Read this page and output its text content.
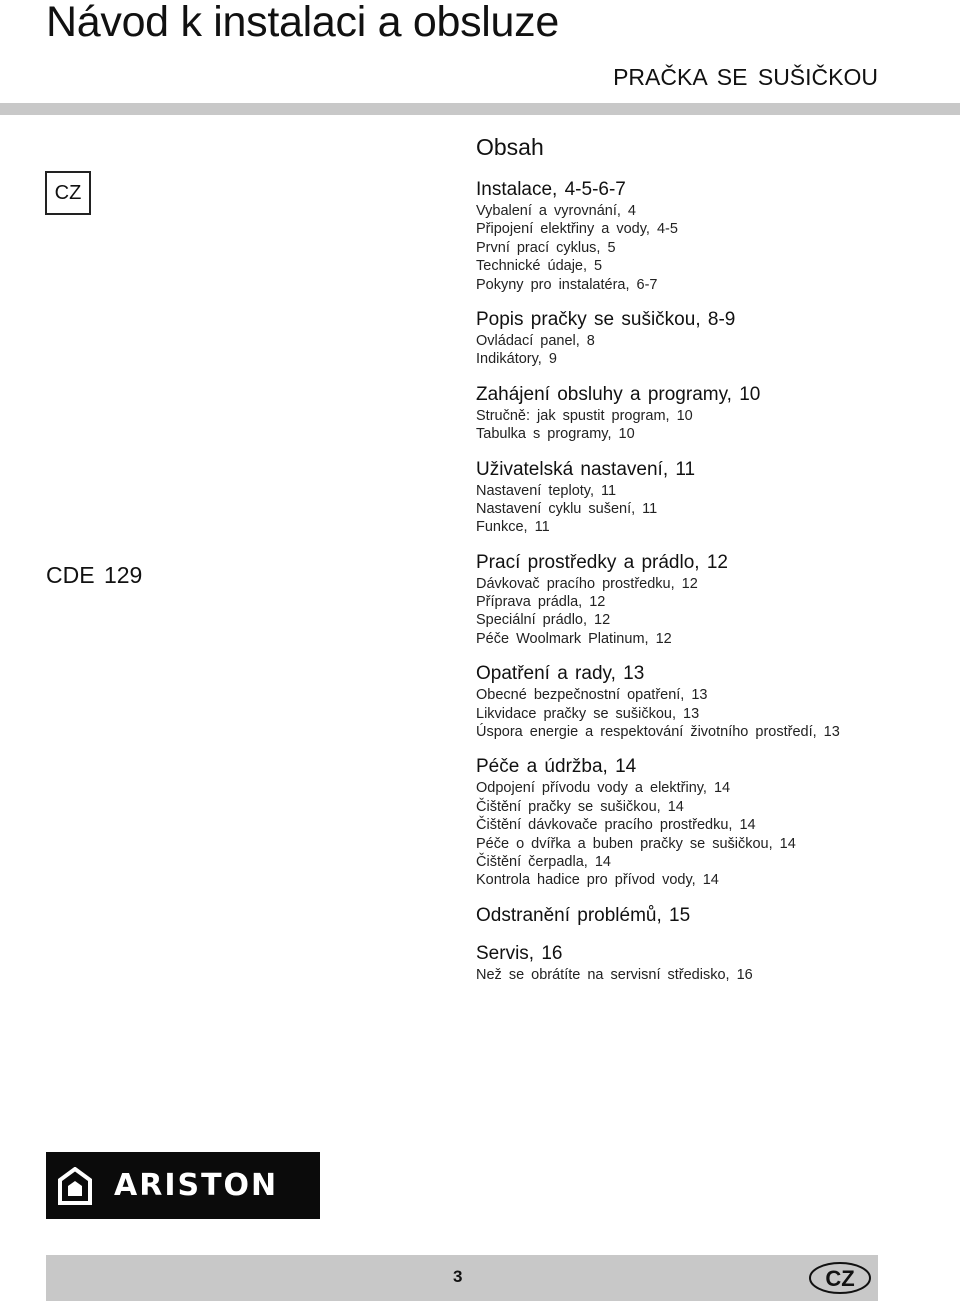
Návod k instalaci a obsluze
PRAČKA SE SUŠIČKOU
CZ
CDE 129
Obsah
Instalace, 4-5-6-7
Vybalení a vyrovnání, 4
Připojení elektřiny a vody, 4-5
První prací cyklus, 5
Technické údaje, 5
Pokyny pro instalatéra, 6-7
Popis pračky se sušičkou, 8-9
Ovládací panel, 8
Indikátory, 9
Zahájení obsluhy a programy, 10
Stručně: jak spustit program, 10
Tabulka s programy, 10
Uživatelská nastavení, 11
Nastavení teploty, 11
Nastavení cyklu sušení, 11
Funkce, 11
Prací prostředky a prádlo, 12
Dávkovač pracího prostředku, 12
Příprava prádla, 12
Speciální prádlo, 12
Péče Woolmark Platinum, 12
Opatření a rady, 13
Obecné bezpečnostní opatření, 13
Likvidace pračky se sušičkou, 13
Úspora energie a respektování životního prostředí, 13
Péče a údržba, 14
Odpojení přívodu vody a elektřiny, 14
Čištění pračky se sušičkou, 14
Čištění dávkovače pracího prostředku, 14
Péče o dvířka a buben pračky se sušičkou, 14
Čištění čerpadla, 14
Kontrola hadice pro přívod vody, 14
Odstranění problémů, 15
Servis, 16
Než se obrátíte na servisní středisko, 16
ARISTON
3	CZ
